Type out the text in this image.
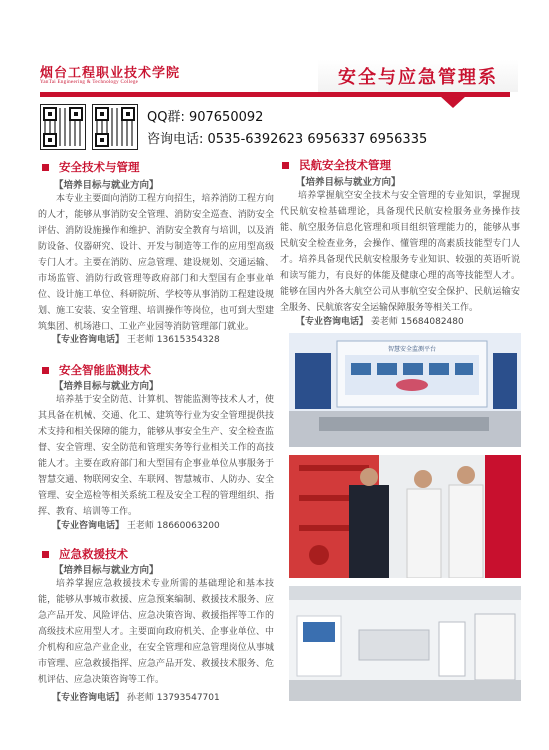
烟台工程职业技术学院
YanTai Engineering & Technology College	安全与应急管理系
QQ群: 907650092
咨询电话: 0535-6392623 6956337 6956335
安全技术与管理
【培养目标与就业方向】

本专业主要面向消防工程方向招生，培养消防工程方向的人才，能够从事消防安全管理、消防安全巡查、消防安全评估、消防设施操作和维护、消防安全教育与培训，以及消防设备、仪器研究、设计、开发与制造等工作的应用型高级专门人才。主要在消防、应急管理、建设规划、交通运输、市场监管、消防行政管理等政府部门和大型国有企事业单位、设计施工单位、科研院所、学校等从事消防工程建设规划、施工安装、安全管理、培训操作等岗位，也可到大型建筑集团、机场港口、工业产业园等消防管理部门就业。

【专业咨询电话】 王老师 13615354328
安全智能监测技术
【培养目标与就业方向】

培养基于安全防范、计算机、智能监测等技术人才，使其具备在机械、交通、化工、建筑等行业为安全管理提供技术支持和相关保障的能力，能够从事安全生产、安全检查监督、安全管理、安全防范和管理实务等行业相关工作的高技能人才。主要在政府部门和大型国有企事业单位从事服务于智慧交通、物联网安全、车联网、智慧城市、人防办、安全管理、安全巡检等相关系统工程及安全工程的管理组织、指挥、教育、培训等工作。

【专业咨询电话】 王老师 18660063200
应急救援技术
【培养目标与就业方向】

培养掌握应急救援技术专业所需的基础理论和基本技能，能够从事城市救援、应急预案编制、救援技术服务、应急产品开发、风险评估、应急决策咨询、救援指挥等工作的高级技术应用型人才。主要面向政府机关、企事业单位、中介机构和应急产业企业，在安全管理和应急管理岗位从事城市管理、应急救援指挥、应急产品开发、救援技术服务、危机评估、应急决策咨询等工作。

【专业咨询电话】 孙老师 13793547701
民航安全技术管理
【培养目标与就业方向】

培养掌握航空安全技术与安全管理的专业知识，掌握现代民航安检基础理论，具备现代民航安检服务业务操作技能、航空服务信息化管理和项目组织管理能力的，能够从事民航安全检查业务，会操作、懂管理的高素质技能型专门人才。培养具备现代民航安检服务专业知识、较强的英语听说和读写能力，有良好的体能及健康心理的高等技能型人才。能够在国内外各大航空公司从事航空安全保护、民航运输安全服务、民航旅客安全运输保障服务等相关工作。

【专业咨询电话】 姜老师 15684082480
智慧安全监测平台
